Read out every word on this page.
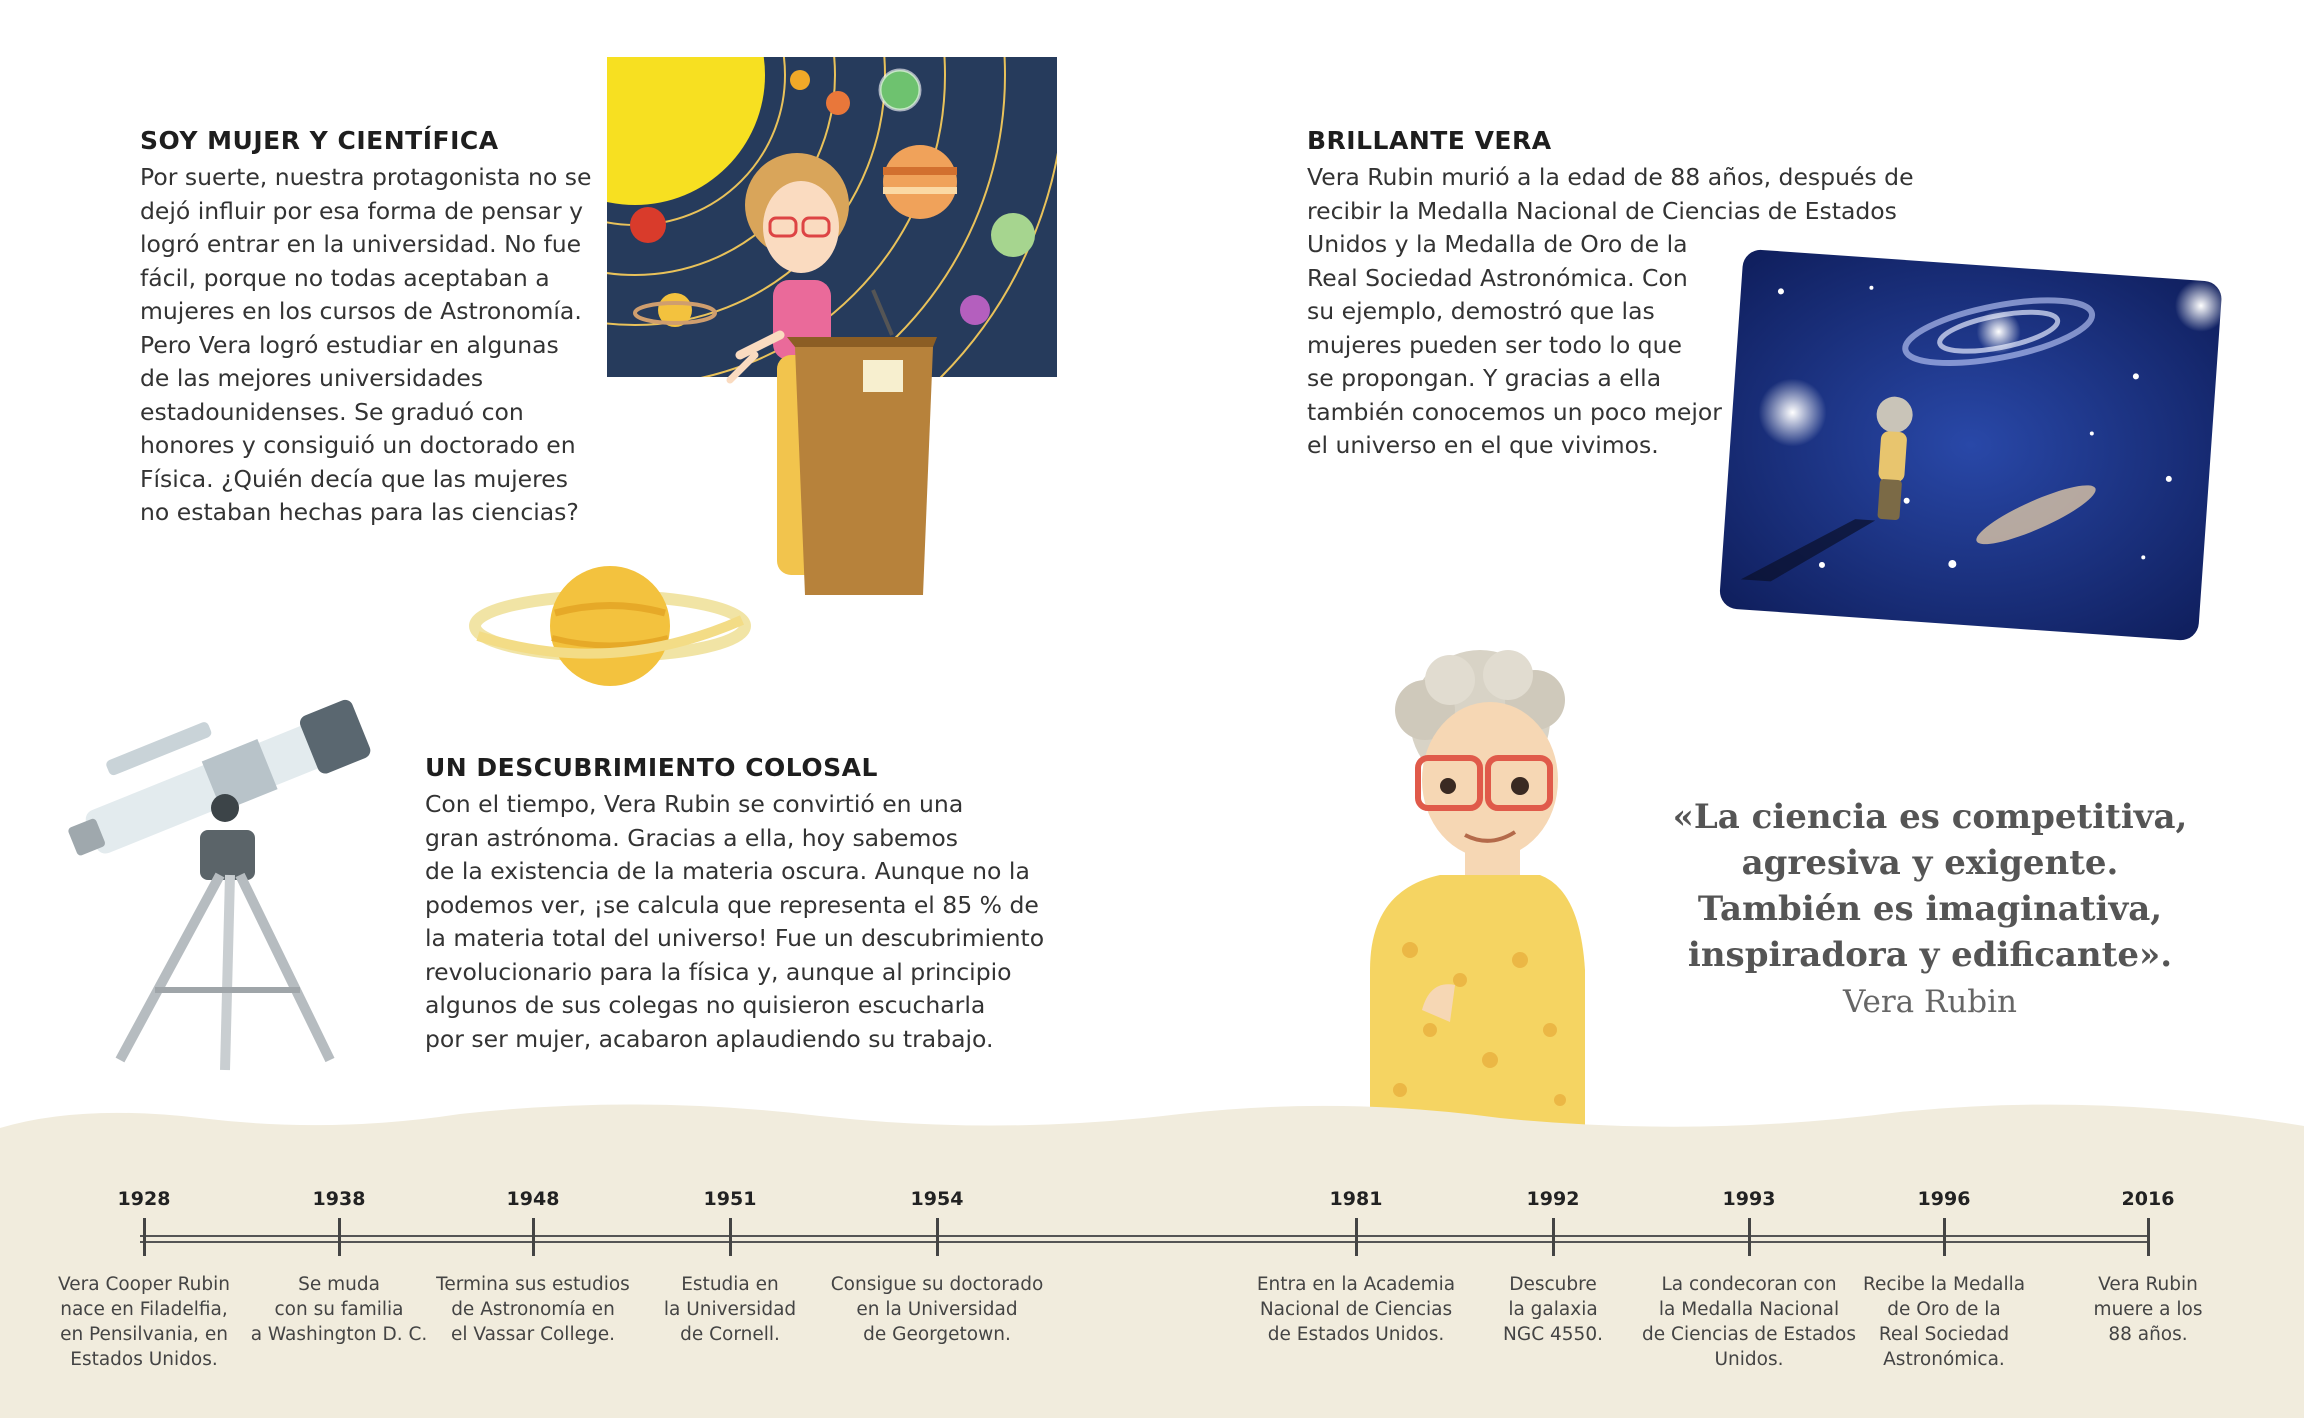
SOY MUJER Y CIENTÍFICA

Por suerte, nuestra protagonista no se
dejó influir por esa forma de pensar y
logró entrar en la universidad. No fue
fácil, porque no todas aceptaban a
mujeres en los cursos de Astronomía.
Pero Vera logró estudiar en algunas
de las mejores universidades
estadounidenses. Se graduó con
honores y consiguió un doctorado en
Física. ¿Quién decía que las mujeres
no estaban hechas para las ciencias?

BRILLANTE VERA

Vera Rubin murió a la edad de 88 años, después de
recibir la Medalla Nacional de Ciencias de Estados
Unidos y la Medalla de Oro de la
Real Sociedad Astronómica. Con
su ejemplo, demostró que las
mujeres pueden ser todo lo que
se propongan. Y gracias a ella
también conocemos un poco mejor
el universo en el que vivimos.

UN DESCUBRIMIENTO COLOSAL

Con el tiempo, Vera Rubin se convirtió en una
gran astrónoma. Gracias a ella, hoy sabemos
de la existencia de la materia oscura. Aunque no la
podemos ver, ¡se calcula que representa el 85 % de
la materia total del universo! Fue un descubrimiento
revolucionario para la física y, aunque al principio
algunos de sus colegas no quisieron escucharla
por ser mujer, acabaron aplaudiendo su trabajo.

«La ciencia es competitiva,
agresiva y exigente.
También es imaginativa,
inspiradora y edificante».
Vera Rubin
1928
Vera Cooper Rubin
nace en Filadelfia,
en Pensilvania, en
Estados Unidos.
1938
Se muda
con su familia
a Washington D. C.
1948
Termina sus estudios
de Astronomía en
el Vassar College.
1951
Estudia en
la Universidad
de Cornell.
1954
Consigue su doctorado
en la Universidad
de Georgetown.
1981
Entra en la Academia
Nacional de Ciencias
de Estados Unidos.
1992
Descubre
la galaxia
NGC 4550.
1993
La condecoran con
la Medalla Nacional
de Ciencias de Estados
Unidos.
1996
Recibe la Medalla
de Oro de la
Real Sociedad
Astronómica.
2016
Vera Rubin
muere a los
88 años.
